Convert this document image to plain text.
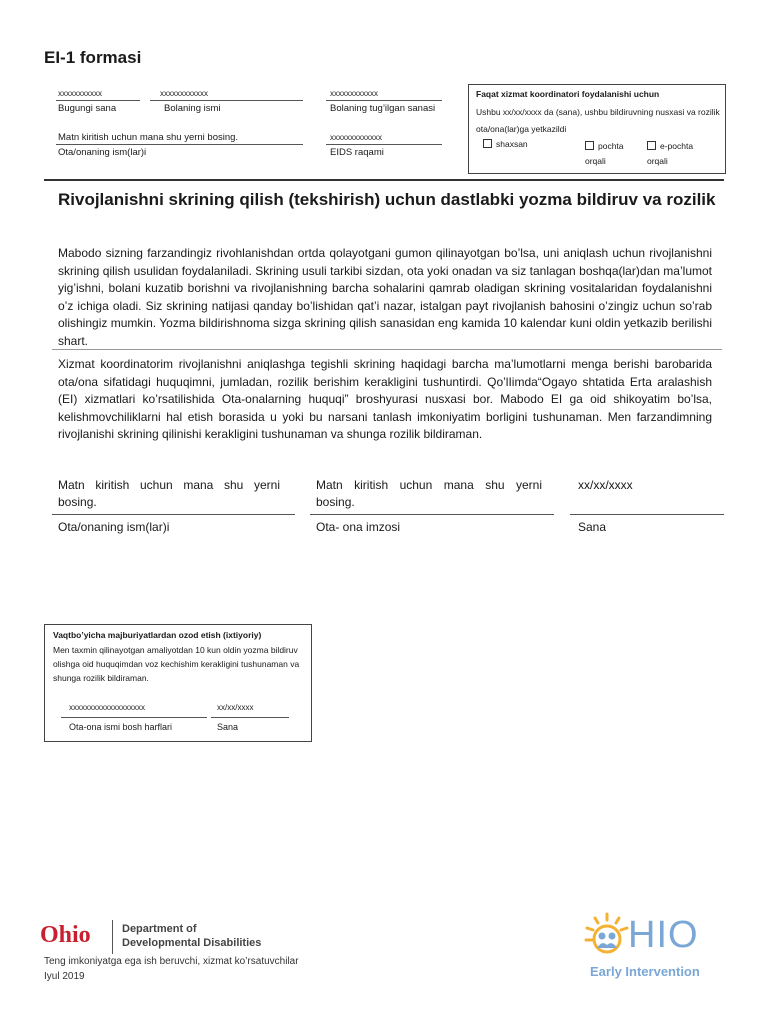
EI-1 formasi
xxxxxxxxxxx
Bugungi sana
xxxxxxxxxxxx
Bolaning ismi
xxxxxxxxxxxx
Bolaning tug’ilgan sanasi
Matn kiritish uchun mana shu yerni bosing.
Ota/onaning ism(lar)i
xxxxxxxxxxxxx
EIDS raqami
Faqat xizmat koordinatori foydalanishi uchun
Ushbu xx/xx/xxxx da (sana), ushbu bildiruvning nusxasi va rozilik ota/ona(lar)ga yetkazildi
shaxsan	pochta orqali
e-pochta orqali
Rivojlanishni skrining qilish (tekshirish) uchun dastlabki yozma bildiruv va rozilik

Mabodo sizning farzandingiz rivohlanishdan ortda qolayotgani gumon qilinayotgan bo’lsa, uni aniqlash uchun rivojlanishni skrining qilish usulidan foydalaniladi. Skrining usuli tarkibi sizdan, ota yoki onadan va siz tanlagan boshqa(lar)dan ma’lumot yig’ishni, bolani kuzatib borishni va rivojlanishning barcha sohalarini qamrab oladigan skrining vositalaridan foydalanishni o’z ichiga oladi. Siz skrining natijasi qanday bo’lishidan qat’i nazar, istalgan payt rivojlanish bahosini o’zingiz uchun so’rab olishingiz mumkin. Yozma bildirishnoma sizga skrining qilish sanasidan eng kamida 10 kalendar kuni oldin yetkazib berilishi shart.

Xizmat koordinatorim rivojlanishni aniqlashga tegishli skrining haqidagi barcha ma’lumotlarni menga berishi barobarida ota/ona sifatidagi huquqimni, jumladan, rozilik berishim kerakligini tushuntirdi. Qo’lIimda“Ogayo shtatida Erta aralashish (EI) xizmatlari ko’rsatilishida Ota-onalarning huquqi” broshyurasi nusxasi bor. Mabodo EI ga oid shikoyatim bo’lsa, kelishmovchiliklarni hal etish borasida u yoki bu narsani tanlash imkoniyatim borligini tushunaman. Men farzandimning rivojlanishi skrining qilinishi kerakligini tushunaman va shunga rozilik bildiraman.

Matn kiritish uchun mana shu yerni bosing.
Ota/onaning ism(lar)i
Matn kiritish uchun mana shu yerni bosing.
Ota- ona imzosi
xx/xx/xxxx
Sana
Vaqtbo’yicha majburiyatlardan ozod etish (ixtiyoriy)
Men taxmin qilinayotgan amaliyotdan 10 kun oldin yozma bildiruv olishga oid huquqimdan voz kechishim kerakligini tushunaman va shunga rozilik bildiraman.
xxxxxxxxxxxxxxxxxxx
Ota-ona ismi bosh harflari
xx/xx/xxxx
Sana
Ohio	Department of
Developmental Disabilities
Teng imkoniyatga ega ish beruvchi, xizmat ko’rsatuvchilar
Iyul 2019
HIO
Early Intervention
